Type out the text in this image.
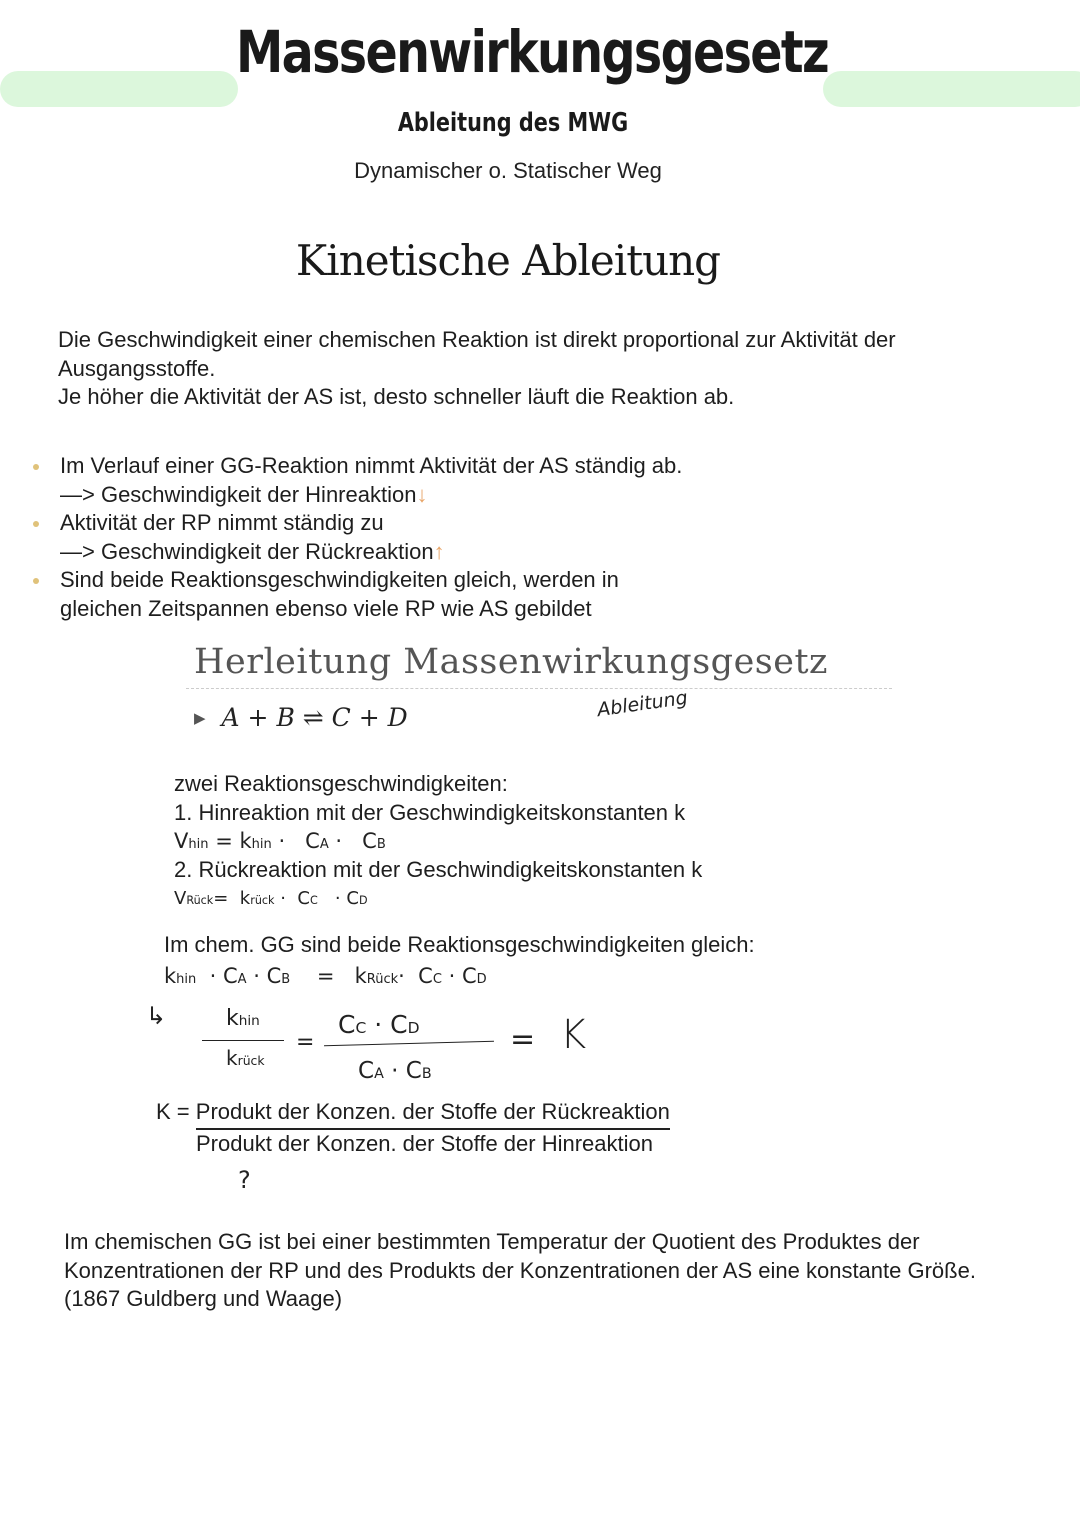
Massenwirkungsgesetz
Ableitung des MWG
Dynamischer o. Statischer Weg
Kinetische Ableitung
Die Geschwindigkeit einer chemischen Reaktion ist direkt proportional zur Aktivität der
Ausgangsstoffe.
Je höher die Aktivität der AS ist, desto schneller läuft die Reaktion ab.
Im Verlauf einer GG-Reaktion nimmt Aktivität der AS ständig ab.
—> Geschwindigkeit der Hinreaktion↓
Aktivität der RP nimmt ständig zu
—> Geschwindigkeit der Rückreaktion↑
Sind beide Reaktionsgeschwindigkeiten gleich, werden in
gleichen Zeitspannen ebenso viele RP wie AS gebildet
Herleitung Massenwirkungsgesetz
▶ A + B ⇌ C + D	Ableitung
zwei Reaktionsgeschwindigkeiten:
1. Hinreaktion mit der Geschwindigkeitskonstanten k
Vhin = khin ·   CA ·   CB
2. Rückreaktion mit der Geschwindigkeitskonstanten k
VRück= krück ·  CC   · CD
Im chem. GG sind beide Reaktionsgeschwindigkeiten gleich:
khin  · CA · CB = kRück·  CC · CD
↳	khin
krück
=
CC · CD
CA · CB
= K
K = Produkt der Konzen. der Stoffe der Rückreaktion
Produkt der Konzen. der Stoffe der Hinreaktion
?
Im chemischen GG ist bei einer bestimmten Temperatur der Quotient des Produktes der
Konzentrationen der RP und des Produkts der Konzentrationen der AS eine konstante Größe.
(1867 Guldberg und Waage)
